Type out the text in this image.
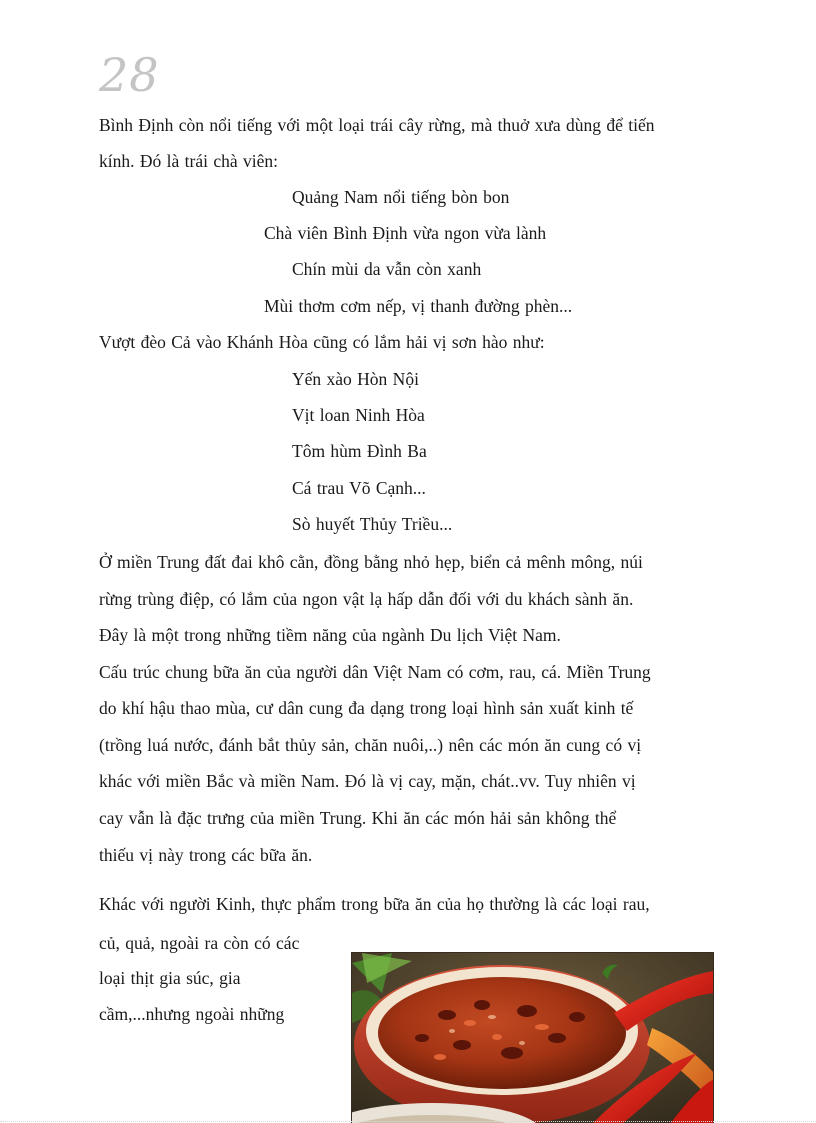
28

Bình Định còn nổi tiếng với một loại trái cây rừng, mà thuở xưa dùng để tiến

kính. Đó là trái chà viên:

Quảng Nam nổi tiếng bòn bon

Chà viên Bình Định vừa ngon vừa lành

Chín mùi da vẫn còn xanh

Mùi thơm cơm nếp, vị thanh đường phèn...

Vượt đèo Cả vào Khánh Hòa cũng có lắm hải vị sơn hào như:

Yến xào Hòn Nội

Vịt loan Ninh Hòa

Tôm hùm Đình Ba

Cá trau Võ Cạnh...

Sò huyết Thủy Triều...

Ở miền Trung đất đai khô cằn, đồng bằng nhỏ hẹp, biển cả mênh mông, núi

rừng trùng điệp, có lắm của ngon vật lạ hấp dẫn đối với du khách sành ăn.

Đây là một trong những tiềm năng của ngành Du lịch Việt Nam.

Cấu trúc chung bữa ăn của người dân Việt Nam có cơm, rau, cá. Miền Trung

do khí hậu thao mùa, cư dân cung đa dạng trong loại hình sản xuất kinh tế

(trồng luá nước, đánh bắt thủy sản, chăn nuôi,..) nên các món ăn cung có vị

khác với miền Bắc và miền Nam. Đó là vị cay, mặn, chát..vv. Tuy nhiên vị

cay vẫn là đặc trưng của miền Trung. Khi ăn các món hải sản không thể

thiếu vị này trong các bữa ăn.

Khác với người Kinh, thực phẩm trong bữa ăn của họ thường là các loại rau,

củ, quả, ngoài ra còn có các

loại thịt gia súc, gia

cầm,...nhưng ngoài những
